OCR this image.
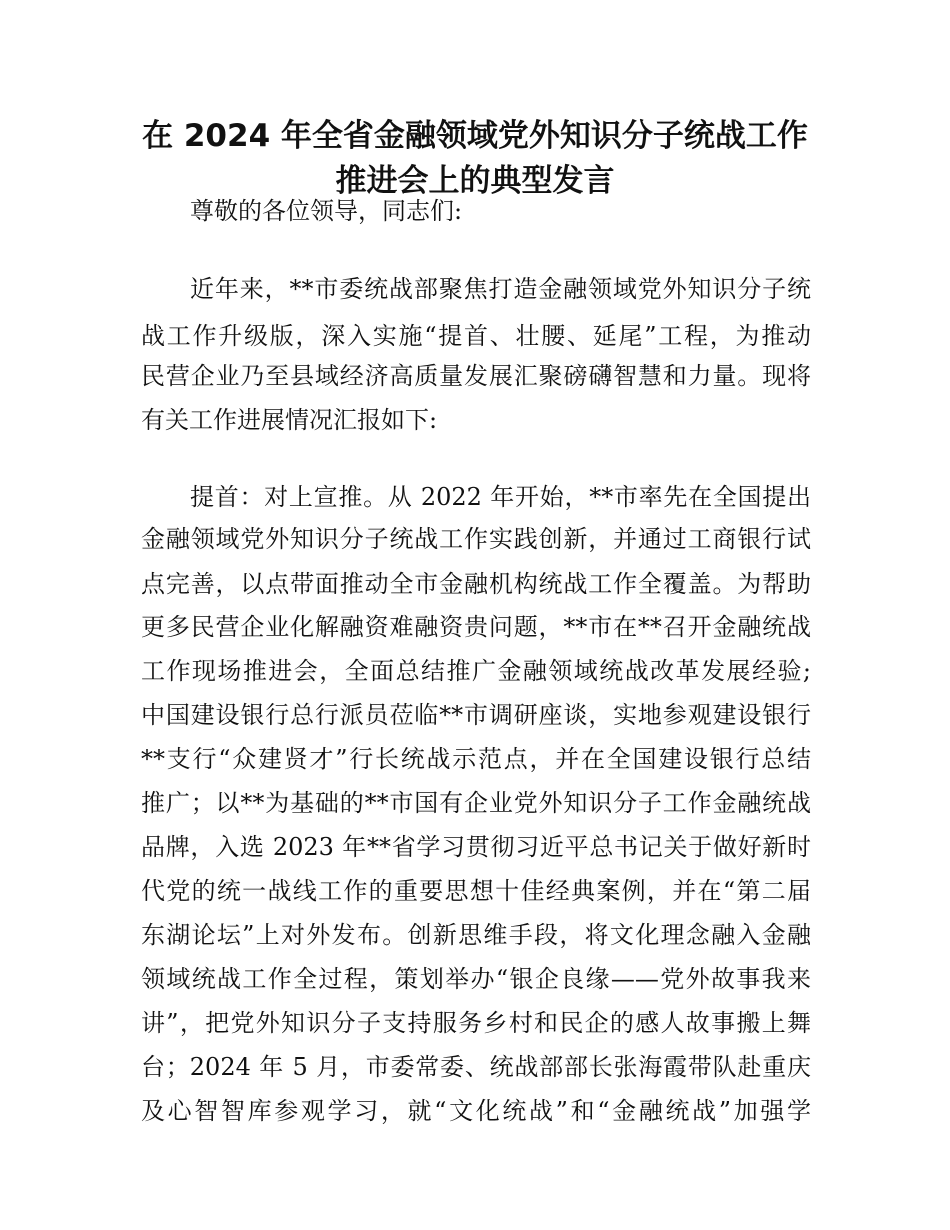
在 2024 年全省金融领域党外知识分子统战工作
推进会上的典型发言

尊敬的各位领导，同志们:

近年来，**市委统战部聚焦打造金融领域党外知识分子统

战工作升级版，深入实施“提首、壮腰、延尾”工程，为推动

民营企业乃至县域经济高质量发展汇聚磅礴智慧和力量。现将

有关工作进展情况汇报如下:

提首：对上宣推。从 2022 年开始，**市率先在全国提出

金融领域党外知识分子统战工作实践创新，并通过工商银行试

点完善，以点带面推动全市金融机构统战工作全覆盖。为帮助

更多民营企业化解融资难融资贵问题，**市在**召开金融统战

工作现场推进会，全面总结推广金融领域统战改革发展经验;

中国建设银行总行派员莅临**市调研座谈，实地参观建设银行

**支行“众建贤才”行长统战示范点，并在全国建设银行总结

推广；以**为基础的**市国有企业党外知识分子工作金融统战

品牌，入选 2023 年**省学习贯彻习近平总书记关于做好新时

代党的统一战线工作的重要思想十佳经典案例，并在“第二届

东湖论坛”上对外发布。创新思维手段，将文化理念融入金融

领域统战工作全过程，策划举办“银企良缘——党外故事我来

讲”，把党外知识分子支持服务乡村和民企的感人故事搬上舞

台；2024 年 5 月，市委常委、统战部部长张海霞带队赴重庆

及心智智库参观学习，就“文化统战”和“金融统战”加强学
